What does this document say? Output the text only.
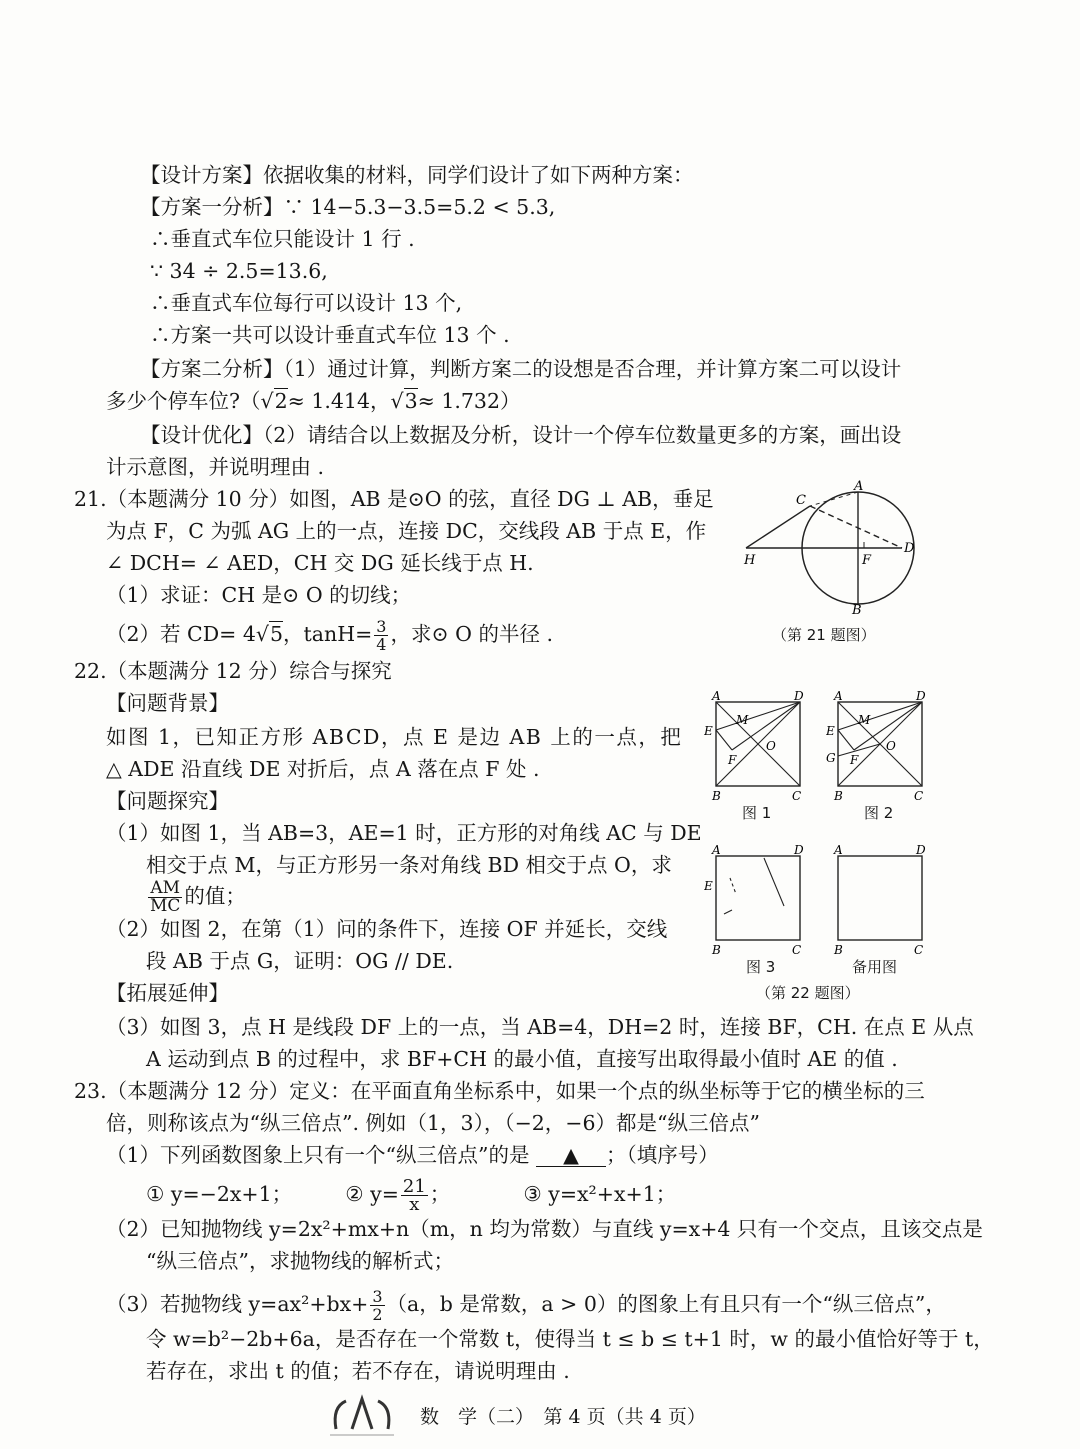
【设计方案】依据收集的材料，同学们设计了如下两种方案：
【方案一分析】∵ 14−5.3−3.5=5.2 < 5.3,
∴垂直式车位只能设计 1 行 .
∵ 34 ÷ 2.5=13.6,
∴垂直式车位每行可以设计 13 个,
∴方案一共可以设计垂直式车位 13 个 .
【方案二分析】（1）通过计算，判断方案二的设想是否合理，并计算方案二可以设计
多少个停车位?（√2≈ 1.414，√3≈ 1.732）
【设计优化】（2）请结合以上数据及分析，设计一个停车位数量更多的方案，画出设
计示意图，并说明理由 .
21.（本题满分 10 分）如图，AB 是⊙O 的弦，直径 DG ⊥ AB，垂足
为点 F，C 为弧 AG 上的一点，连接 DC，交线段 AB 于点 E，作
∠ DCH= ∠ AED，CH 交 DG 延长线于点 H.
（1）求证：CH 是⊙ O 的切线；
（2）若 CD= 4√5，$\tan H= \frac{3}{4}$ ，求⊙ O 的半径 .
C
A
D
H	F
B
（第 21 题图）
22.（本题满分 12 分）综合与探究
【问题背景】
如图 1，已知正方形 ABCD，点 E 是边 AB 上的一点，把
△ ADE 沿直线 DE 对折后，点 A 落在点 F 处 .
【问题探究】
（1）如图 1，当 AB=3，AE=1 时，正方形的对角线 AC 与 DE
相交于点 M，与正方形另一条对角线 BD 相交于点 O，求
$\frac{AM}{MC}$ 的值；
（2）如图 2，在第（1）问的条件下，连接 OF 并延长，交线
段 AB 于点 G，证明：OG // DE.
【拓展延伸】
（3）如图 3，点 H 是线段 DF 上的一点，当 AB=4，DH=2 时，连接 BF，CH. 在点 E 从点
A 运动到点 B 的过程中，求 BF+CH 的最小值，直接写出取得最小值时 AE 的值 .
A	D
E
M
O
F
B	C
图 1
A	D
E
G
M
O
F
B	C
图 2
A	D
E
B	C
图 3
A	D
B	C
备用图
（第 22 题图）
23.（本题满分 12 分）定义：在平面直角坐标系中，如果一个点的纵坐标等于它的横坐标的三
倍，则称该点为“纵三倍点”. 例如（1，3），（−2，−6）都是“纵三倍点”
（1）下列函数图象上只有一个“纵三倍点”的是 ▲ ；（填序号）
① y=−2x+1；	② $y= \frac{21}{x}$ ；	③ y=x²+x+1；
（2）已知抛物线 y=2x²+mx+n（m，n 均为常数）与直线 y=x+4 只有一个交点，且该交点是
“纵三倍点”，求抛物线的解析式；
（3）若抛物线 $y=ax^2+bx+ \frac{3}{2} (a$，b 是常数，a > 0）的图象上有且只有一个“纵三倍点”，
令 w=b²−2b+6a，是否存在一个常数 t，使得当 t ≤ b ≤ t+1 时，w 的最小值恰好等于 t，
若存在，求出 t 的值；若不存在，请说明理由 .
数　学（二）　第 4 页（共 4 页）
